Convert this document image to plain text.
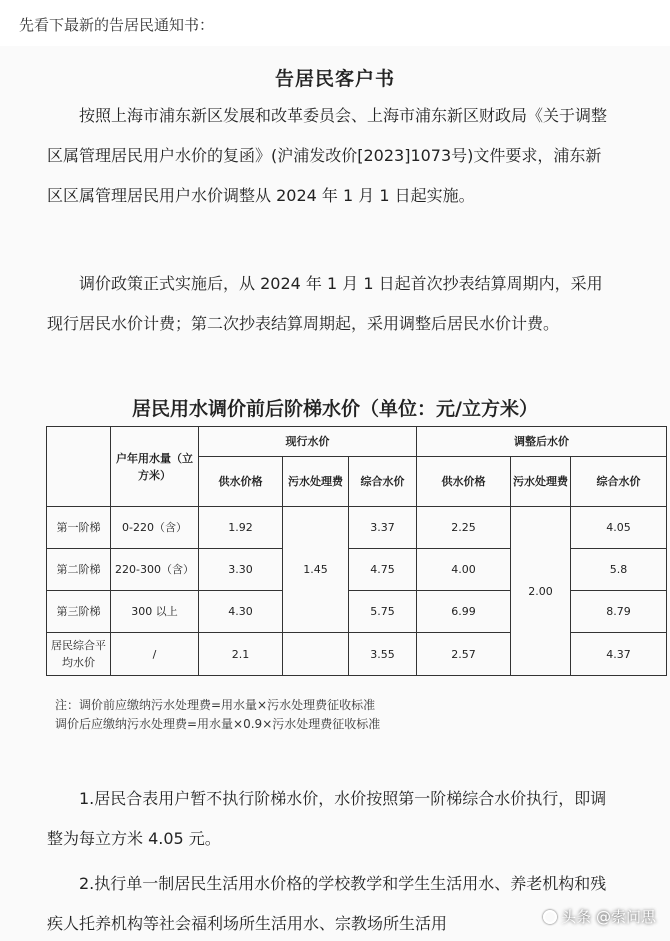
先看下最新的告居民通知书：
告居民客户书
按照上海市浦东新区发展和改革委员会、上海市浦东新区财政局《关于调整区属管理居民用户水价的复函》(沪浦发改价[2023]1073号)文件要求，浦东新区区属管理居民用户水价调整从 2024 年 1 月 1 日起实施。
调价政策正式实施后，从 2024 年 1 月 1 日起首次抄表结算周期内，采用现行居民水价计费；第二次抄表结算周期起，采用调整后居民水价计费。
居民用水调价前后阶梯水价（单位：元/立方米）
	户年用水量（立方米）	现行水价			调整后水价		
		供水价格	污水处理费	综合水价	供水价格	污水处理费	综合水价
第一阶梯	0-220（含）	1.92	1.45	3.37	2.25	2.00	4.05
第二阶梯	220-300（含）	3.30		4.75	4.00		5.8
第三阶梯	300 以上	4.30		5.75	6.99		8.79
居民综合平均水价	/	2.1		3.55	2.57		4.37
注：调价前应缴纳污水处理费=用水量×污水处理费征收标准
调价后应缴纳污水处理费=用水量×0.9×污水处理费征收标准
1.居民合表用户暂不执行阶梯水价，水价按照第一阶梯综合水价执行，即调整为每立方米 4.05 元。
2.执行单一制居民生活用水价格的学校教学和学生生活用水、养老机构和残疾人托养机构等社会福利场所生活用水、宗教场所生活用	头条 @索问思
